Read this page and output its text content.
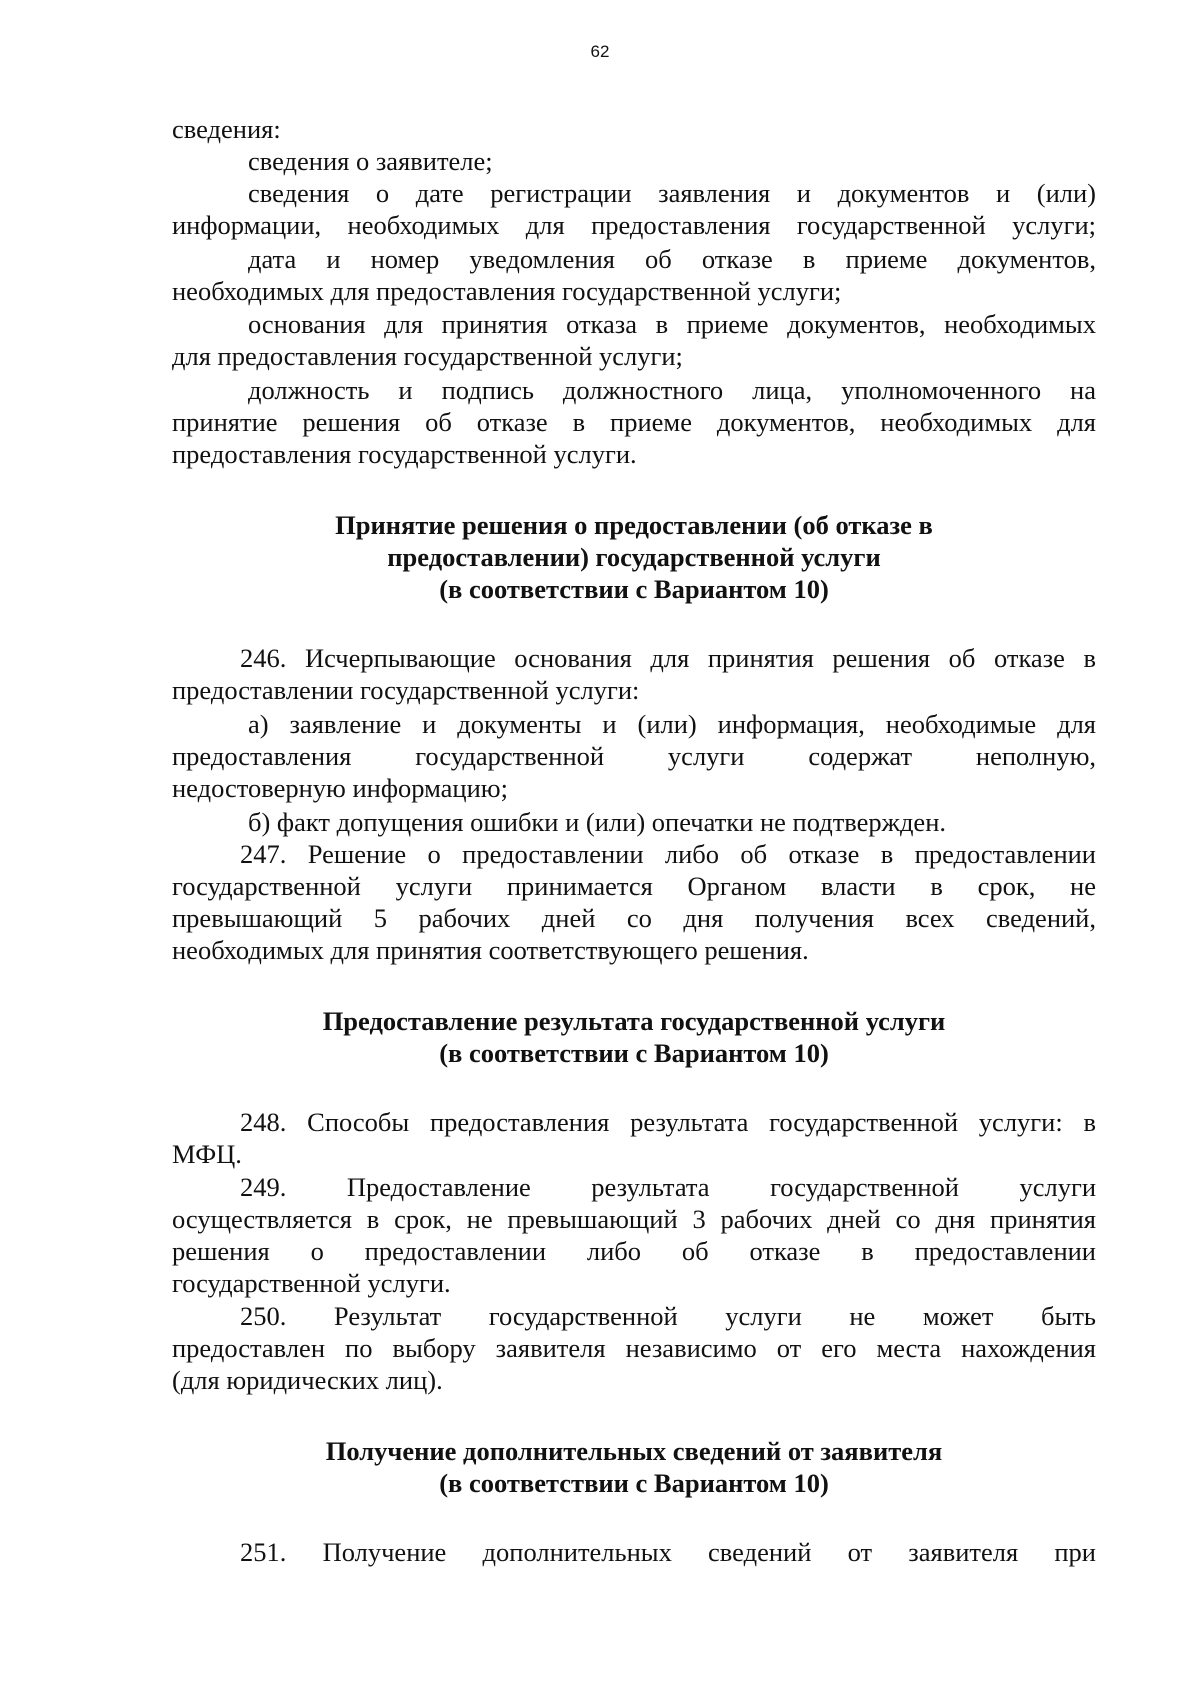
62

сведения:

сведения о заявителе;

сведения о дате регистрации заявления и документов и (или)

информации, необходимых для предоставления государственной услуги;

дата и номер уведомления об отказе в приеме документов,

необходимых для предоставления государственной услуги;

основания для принятия отказа в приеме документов, необходимых

для предоставления государственной услуги;

должность и подпись должностного лица, уполномоченного на

принятие решения об отказе в приеме документов, необходимых для

предоставления государственной услуги.

Принятие решения о предоставлении (об отказе в

предоставлении) государственной услуги

(в соответствии с Вариантом 10)

246. Исчерпывающие основания для принятия решения об отказе в

предоставлении государственной услуги:

а) заявление и документы и (или) информация, необходимые для

предоставления государственной услуги содержат неполную,

недостоверную информацию;

б) факт допущения ошибки и (или) опечатки не подтвержден.

247. Решение о предоставлении либо об отказе в предоставлении

государственной услуги принимается Органом власти в срок, не

превышающий 5 рабочих дней со дня получения всех сведений,

необходимых для принятия соответствующего решения.

Предоставление результата государственной услуги

(в соответствии с Вариантом 10)

248. Способы предоставления результата государственной услуги: в

МФЦ.

249. Предоставление результата государственной услуги

осуществляется в срок, не превышающий 3 рабочих дней со дня принятия

решения о предоставлении либо об отказе в предоставлении

государственной услуги.

250. Результат государственной услуги не может быть

предоставлен по выбору заявителя независимо от его места нахождения

(для юридических лиц).

Получение дополнительных сведений от заявителя

(в соответствии с Вариантом 10)

251. Получение дополнительных сведений от заявителя при
